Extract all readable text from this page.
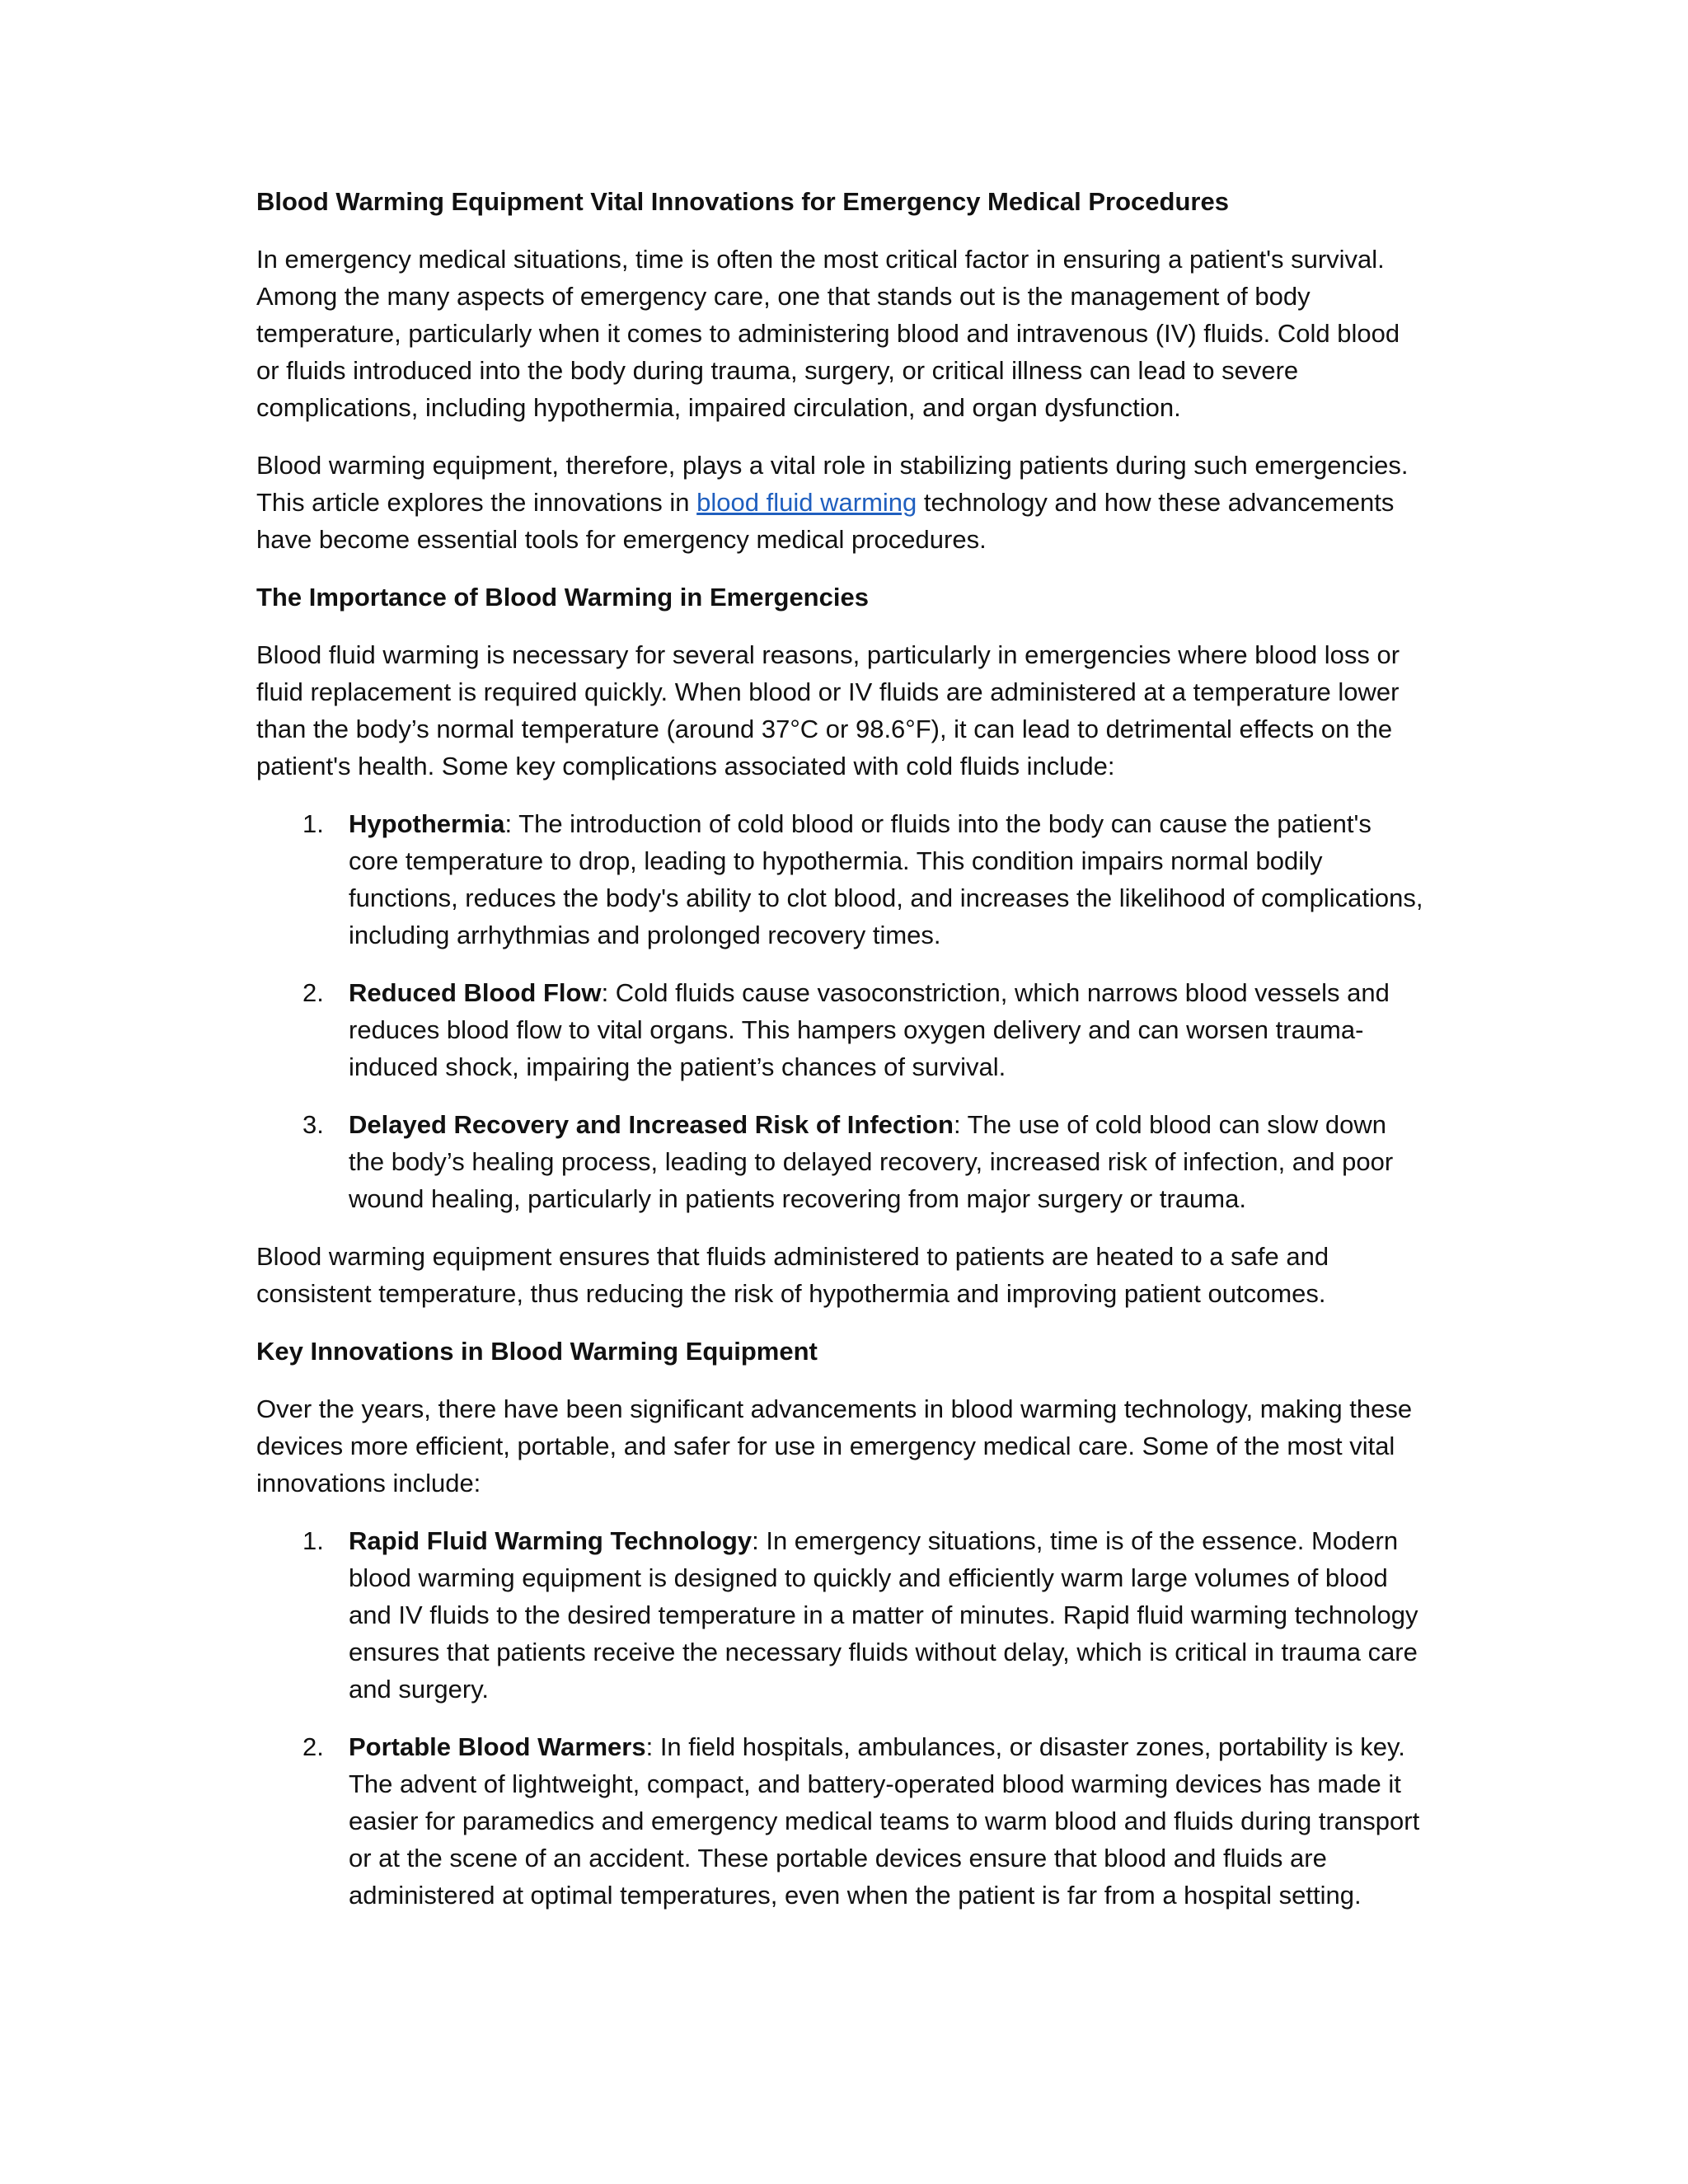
Blood Warming Equipment Vital Innovations for Emergency Medical Procedures

In emergency medical situations, time is often the most critical factor in ensuring a patient's survival. Among the many aspects of emergency care, one that stands out is the management of body temperature, particularly when it comes to administering blood and intravenous (IV) fluids. Cold blood or fluids introduced into the body during trauma, surgery, or critical illness can lead to severe complications, including hypothermia, impaired circulation, and organ dysfunction.

Blood warming equipment, therefore, plays a vital role in stabilizing patients during such emergencies. This article explores the innovations in blood fluid warming technology and how these advancements have become essential tools for emergency medical procedures.

The Importance of Blood Warming in Emergencies

Blood fluid warming is necessary for several reasons, particularly in emergencies where blood loss or fluid replacement is required quickly. When blood or IV fluids are administered at a temperature lower than the body’s normal temperature (around 37°C or 98.6°F), it can lead to detrimental effects on the patient's health. Some key complications associated with cold fluids include:

1. Hypothermia: The introduction of cold blood or fluids into the body can cause the patient's core temperature to drop, leading to hypothermia. This condition impairs normal bodily functions, reduces the body's ability to clot blood, and increases the likelihood of complications, including arrhythmias and prolonged recovery times.
2. Reduced Blood Flow: Cold fluids cause vasoconstriction, which narrows blood vessels and reduces blood flow to vital organs. This hampers oxygen delivery and can worsen trauma-induced shock, impairing the patient’s chances of survival.
3. Delayed Recovery and Increased Risk of Infection: The use of cold blood can slow down the body’s healing process, leading to delayed recovery, increased risk of infection, and poor wound healing, particularly in patients recovering from major surgery or trauma.

Blood warming equipment ensures that fluids administered to patients are heated to a safe and consistent temperature, thus reducing the risk of hypothermia and improving patient outcomes.

Key Innovations in Blood Warming Equipment

Over the years, there have been significant advancements in blood warming technology, making these devices more efficient, portable, and safer for use in emergency medical care. Some of the most vital innovations include:

1. Rapid Fluid Warming Technology: In emergency situations, time is of the essence. Modern blood warming equipment is designed to quickly and efficiently warm large volumes of blood and IV fluids to the desired temperature in a matter of minutes. Rapid fluid warming technology ensures that patients receive the necessary fluids without delay, which is critical in trauma care and surgery.
2. Portable Blood Warmers: In field hospitals, ambulances, or disaster zones, portability is key. The advent of lightweight, compact, and battery-operated blood warming devices has made it easier for paramedics and emergency medical teams to warm blood and fluids during transport or at the scene of an accident. These portable devices ensure that blood and fluids are administered at optimal temperatures, even when the patient is far from a hospital setting.
